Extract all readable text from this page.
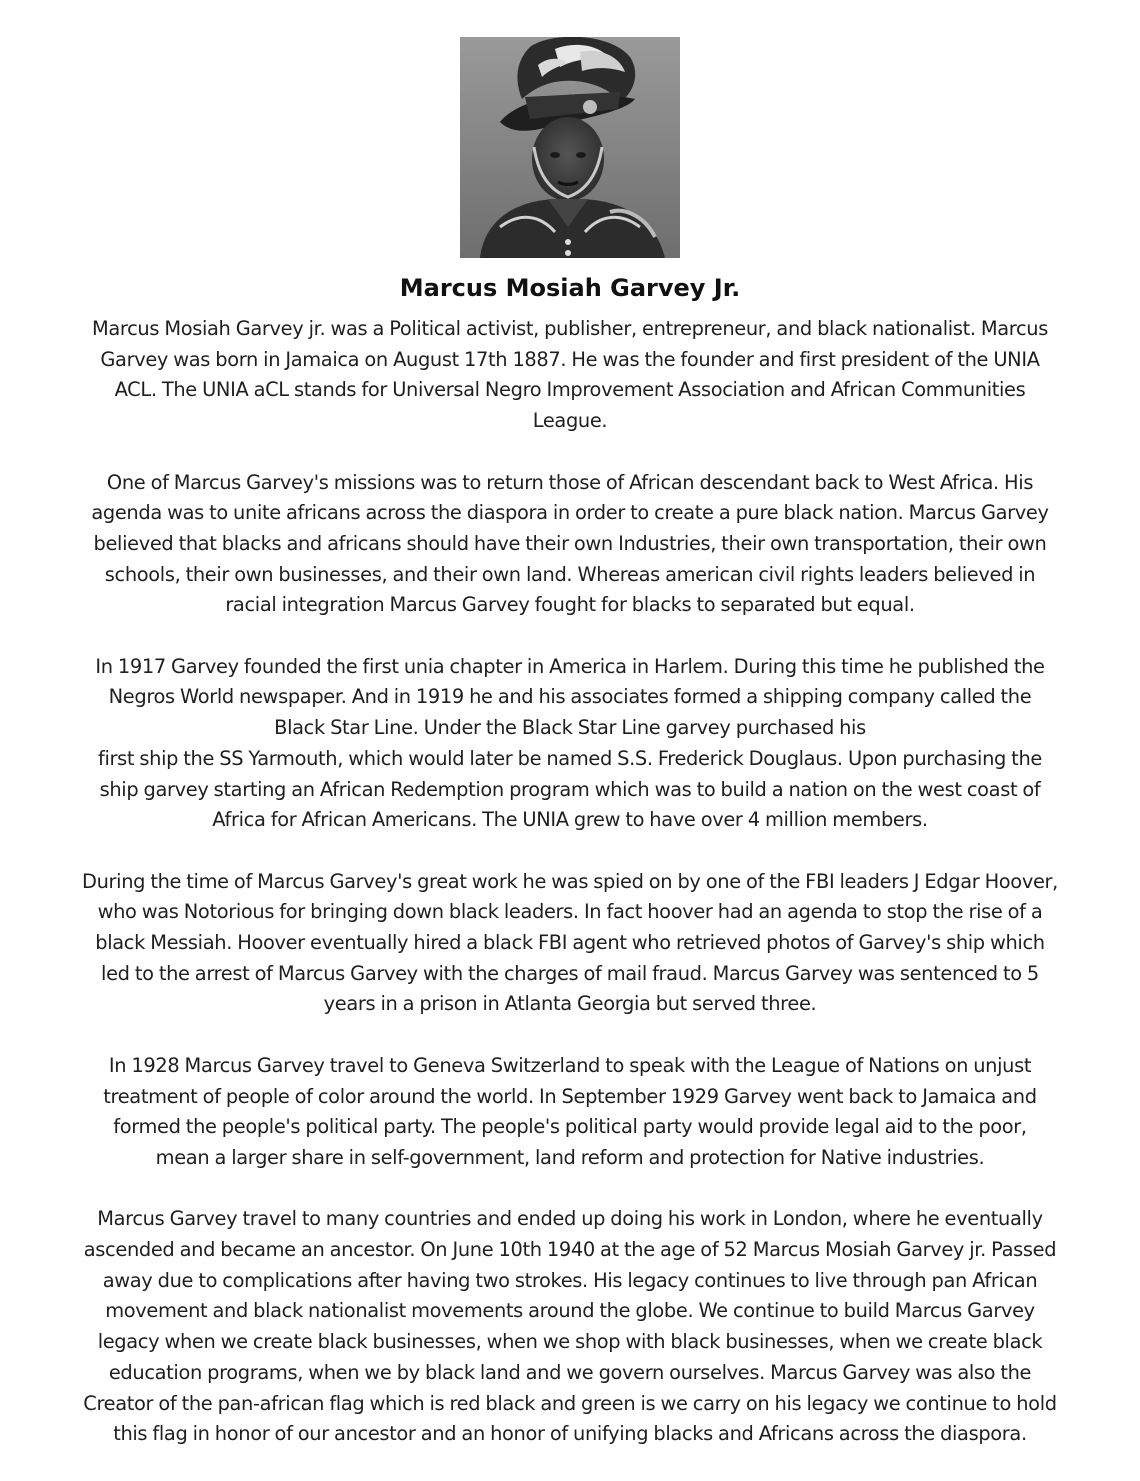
Marcus Mosiah Garvey Jr.

Marcus Mosiah Garvey jr. was a Political activist, publisher, entrepreneur, and black nationalist. Marcus
Garvey was born in Jamaica on August 17th 1887. He was the founder and first president of the UNIA
ACL. The UNIA aCL stands for Universal Negro Improvement Association and African Communities
League.

One of Marcus Garvey's missions was to return those of African descendant back to West Africa. His
agenda was to unite africans across the diaspora in order to create a pure black nation. Marcus Garvey
believed that blacks and africans should have their own Industries, their own transportation, their own
schools, their own businesses, and their own land. Whereas american civil rights leaders believed in
racial integration Marcus Garvey fought for blacks to separated but equal.

In 1917 Garvey founded the first unia chapter in America in Harlem. During this time he published the
Negros World newspaper. And in 1919 he and his associates formed a shipping company called the
Black Star Line. Under the Black Star Line garvey purchased his
first ship the SS Yarmouth, which would later be named S.S. Frederick Douglaus. Upon purchasing the
ship garvey starting an African Redemption program which was to build a nation on the west coast of
Africa for African Americans. The UNIA grew to have over 4 million members.

During the time of Marcus Garvey's great work he was spied on by one of the FBI leaders J Edgar Hoover,
who was Notorious for bringing down black leaders. In fact hoover had an agenda to stop the rise of a
black Messiah. Hoover eventually hired a black FBI agent who retrieved photos of Garvey's ship which
led to the arrest of Marcus Garvey with the charges of mail fraud. Marcus Garvey was sentenced to 5
years in a prison in Atlanta Georgia but served three.

In 1928 Marcus Garvey travel to Geneva Switzerland to speak with the League of Nations on unjust
treatment of people of color around the world. In September 1929 Garvey went back to Jamaica and
formed the people's political party. The people's political party would provide legal aid to the poor,
mean a larger share in self-government, land reform and protection for Native industries.

Marcus Garvey travel to many countries and ended up doing his work in London, where he eventually
ascended and became an ancestor. On June 10th 1940 at the age of 52 Marcus Mosiah Garvey jr. Passed
away due to complications after having two strokes. His legacy continues to live through pan African
movement and black nationalist movements around the globe. We continue to build Marcus Garvey
legacy when we create black businesses, when we shop with black businesses, when we create black
education programs, when we by black land and we govern ourselves. Marcus Garvey was also the
Creator of the pan-african flag which is red black and green is we carry on his legacy we continue to hold
this flag in honor of our ancestor and an honor of unifying blacks and Africans across the diaspora.
